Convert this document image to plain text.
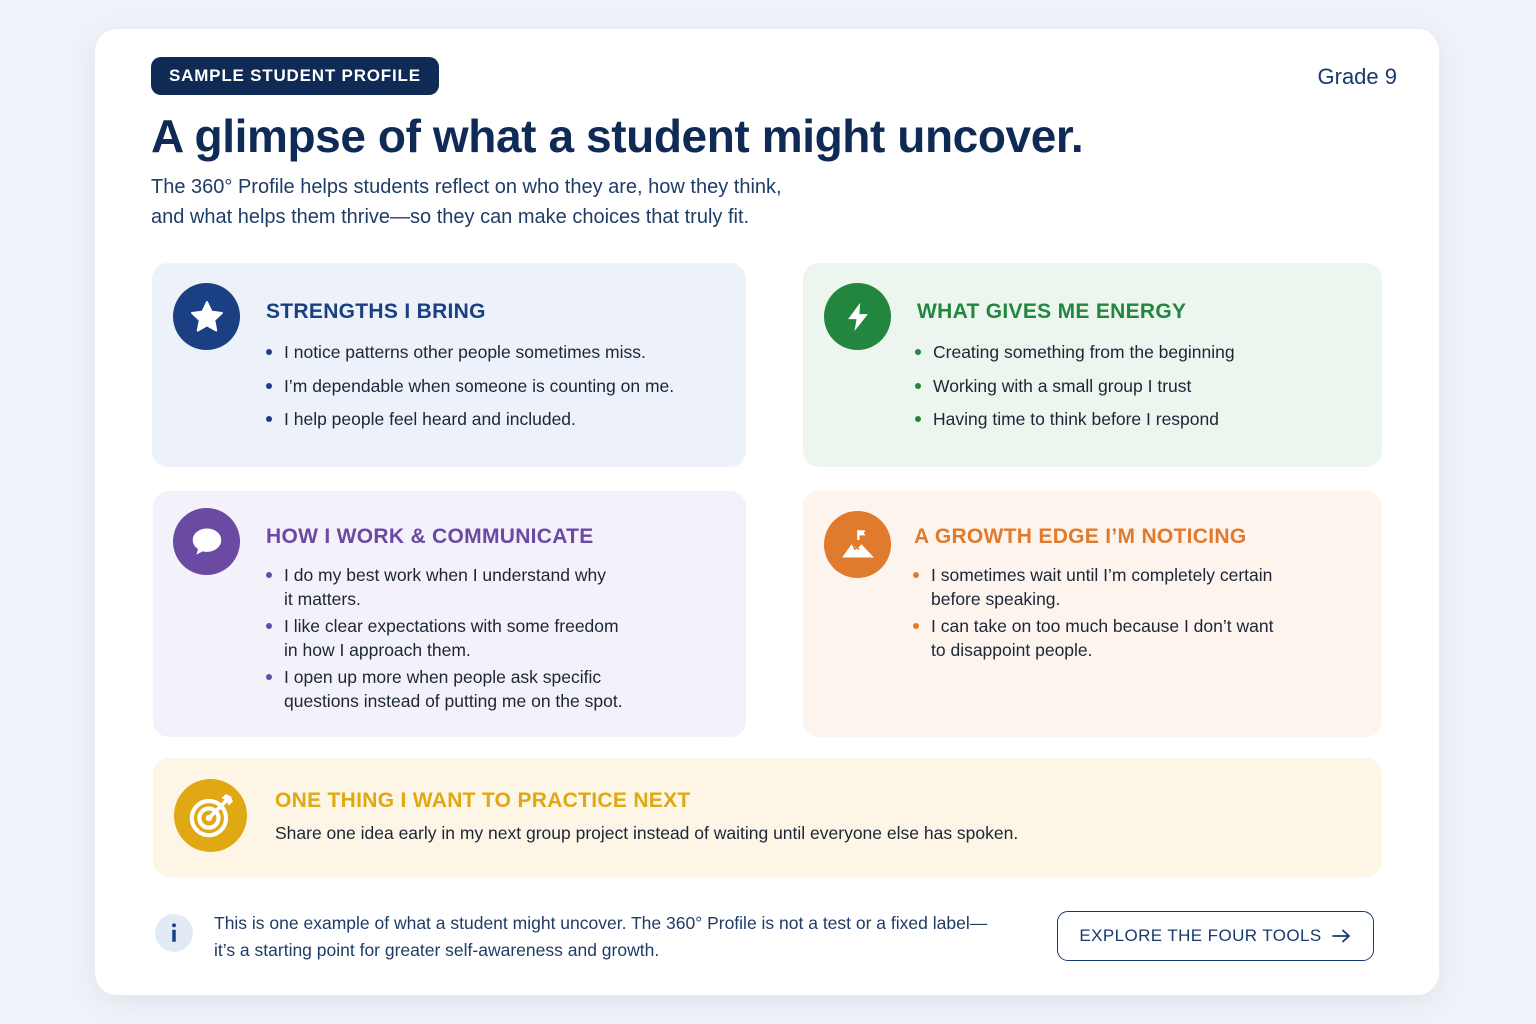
SAMPLE STUDENT PROFILE	Grade 9
A glimpse of what a student might uncover.
The 360° Profile helps students reflect on who they are, how they think,
and what helps them thrive—so they can make choices that truly fit.
STRENGTHS I BRING
I notice patterns other people sometimes miss.
I’m dependable when someone is counting on me.
I help people feel heard and included.
WHAT GIVES ME ENERGY
Creating something from the beginning
Working with a small group I trust
Having time to think before I respond
HOW I WORK & COMMUNICATE
I do my best work when I understand why
it matters.
I like clear expectations with some freedom
in how I approach them.
I open up more when people ask specific
questions instead of putting me on the spot.
A GROWTH EDGE I’M NOTICING
I sometimes wait until I’m completely certain
before speaking.
I can take on too much because I don’t want
to disappoint people.
ONE THING I WANT TO PRACTICE NEXT
Share one idea early in my next group project instead of waiting until everyone else has spoken.
This is one example of what a student might uncover. The 360° Profile is not a test or a fixed label—
it’s a starting point for greater self-awareness and growth.
EXPLORE THE FOUR TOOLS
